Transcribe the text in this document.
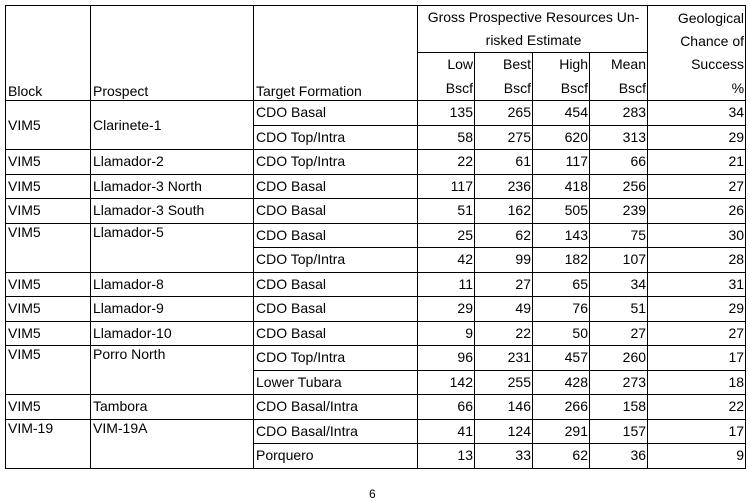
Block	Prospect	Target Formation	Gross Prospective Resources Un-risked Estimate				Geological Chance of Success

			Low	Best	High	Mean	
			Bscf	Bscf	Bscf	Bscf	%
VIM5	Clarinete-1	CDO Basal	135	265	454	283	34
		CDO Top/Intra	58	275	620	313	29
VIM5	Llamador-2	CDO Top/Intra	22	61	117	66	21
VIM5	Llamador-3 North	CDO Basal	117	236	418	256	27
VIM5	Llamador-3 South	CDO Basal	51	162	505	239	26
VIM5	Llamador-5	CDO Basal	25	62	143	75	30
		CDO Top/Intra	42	99	182	107	28
VIM5	Llamador-8	CDO Basal	11	27	65	34	31
VIM5	Llamador-9	CDO Basal	29	49	76	51	29
VIM5	Llamador-10	CDO Basal	9	22	50	27	27
VIM5	Porro North	CDO Top/Intra	96	231	457	260	17
		Lower Tubara	142	255	428	273	18
VIM5	Tambora	CDO Basal/Intra	66	146	266	158	22
VIM-19	VIM-19A	CDO Basal/Intra	41	124	291	157	17
		Porquero	13	33	62	36	9
6
